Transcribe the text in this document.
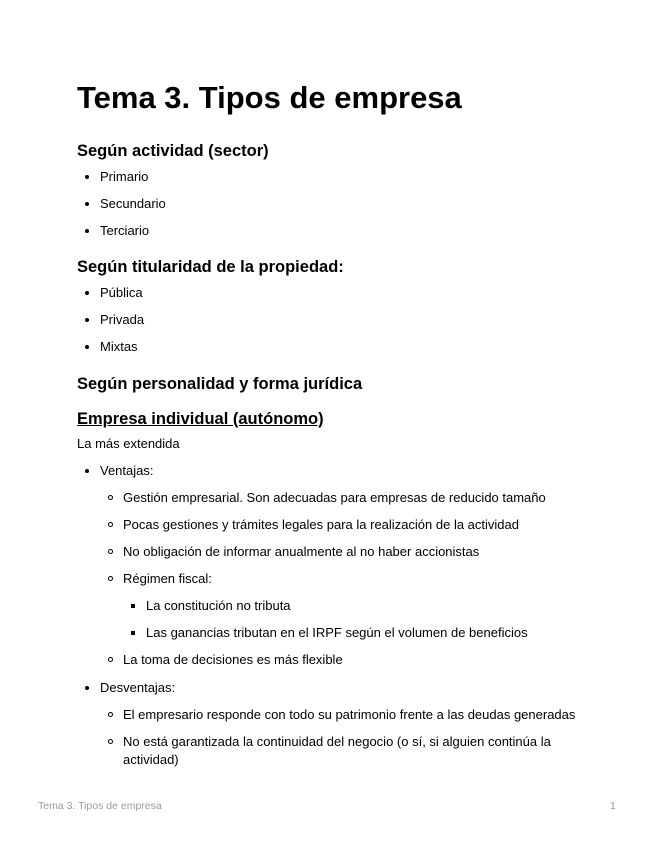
Tema 3. Tipos de empresa
Según actividad (sector)
Primario
Secundario
Terciario
Según titularidad de la propiedad:
Pública
Privada
Mixtas
Según personalidad y forma jurídica
Empresa individual (autónomo)

La más extendida

Ventajas:
Gestión empresarial. Son adecuadas para empresas de reducido tamaño
Pocas gestiones y trámites legales para la realización de la actividad
No obligación de informar anualmente al no haber accionistas
Régimen fiscal:
La constitución no tributa
Las ganancias tributan en el IRPF según el volumen de beneficios
La toma de decisiones es más flexible
Desventajas:
El empresario responde con todo su patrimonio frente a las deudas generadas
No está garantizada la continuidad del negocio (o sí, si alguien continúa la actividad)
Tema 3. Tipos de empresa	1
